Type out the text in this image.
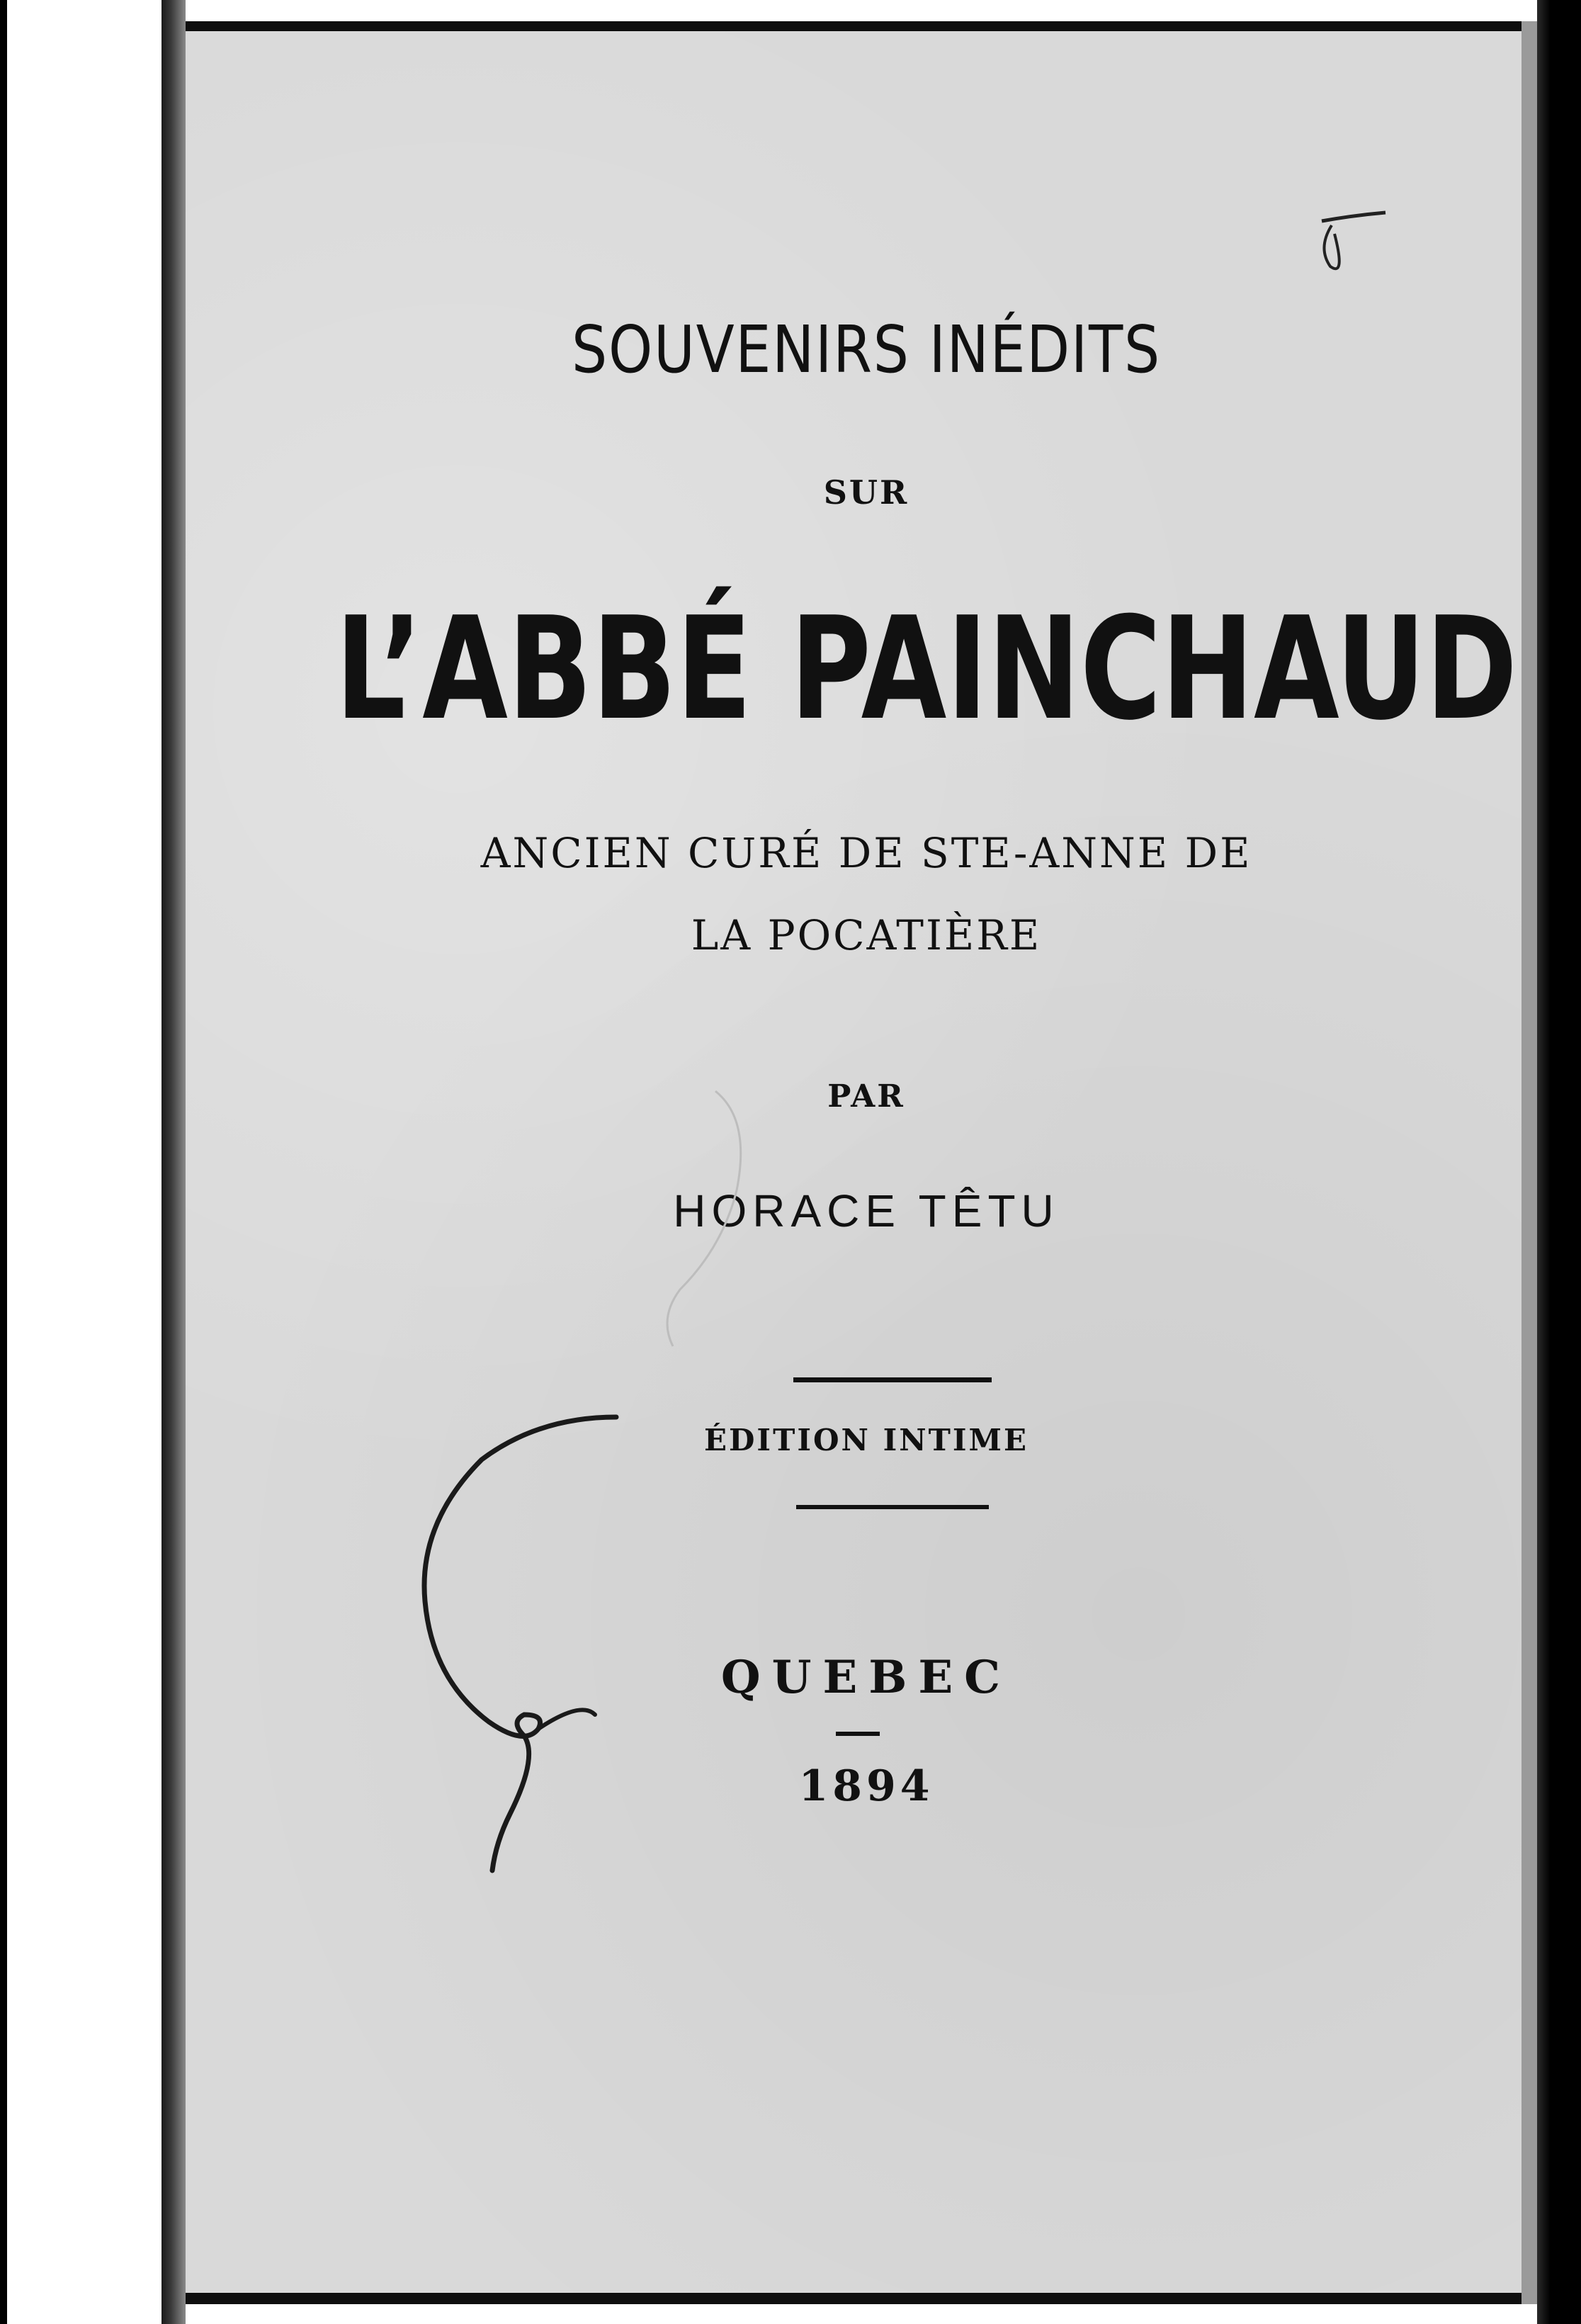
SOUVENIRS INÉDITS
SUR
L’ABBÉ PAINCHAUD
ANCIEN CURÉ DE STE-ANNE DE
LA POCATIÈRE
PAR
HORACE TÊTU
ÉDITION INTIME
QUEBEC
1894
